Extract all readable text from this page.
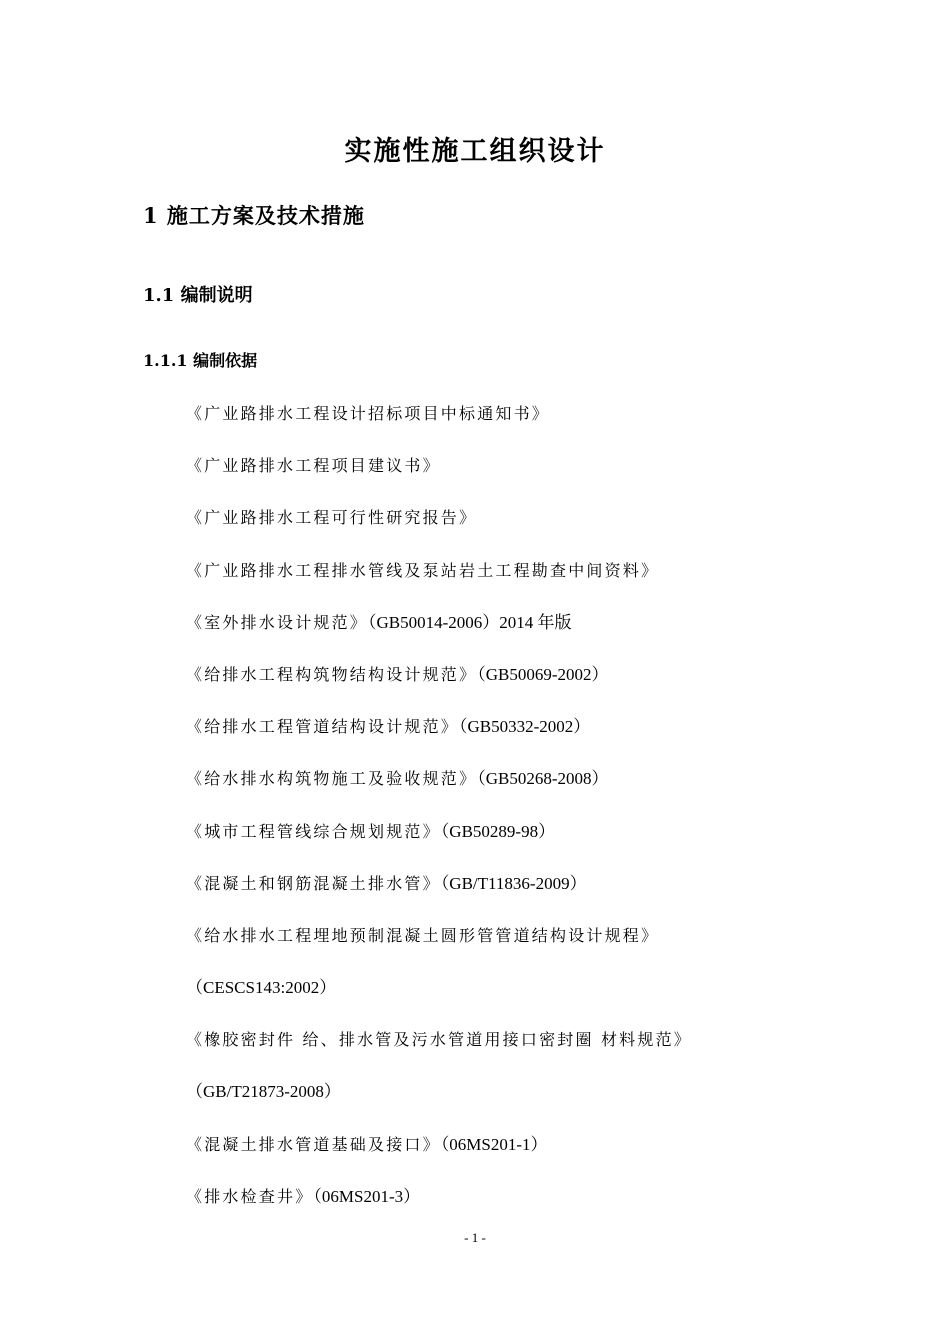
实施性施工组织设计
1 施工方案及技术措施
1.1 编制说明
1.1.1 编制依据
《广业路排水工程设计招标项目中标通知书》
《广业路排水工程项目建议书》
《广业路排水工程可行性研究报告》
《广业路排水工程排水管线及泵站岩土工程勘查中间资料》
《室外排水设计规范》（GB50014-2006）2014 年版
《给排水工程构筑物结构设计规范》（GB50069-2002）
《给排水工程管道结构设计规范》（GB50332-2002）
《给水排水构筑物施工及验收规范》（GB50268-2008）
《城市工程管线综合规划规范》（GB50289-98）
《混凝土和钢筋混凝土排水管》（GB/T11836-2009）
《给水排水工程埋地预制混凝土圆形管管道结构设计规程》
（CESCS143:2002）
《橡胶密封件 给、排水管及污水管道用接口密封圈 材料规范》
（GB/T21873-2008）
《混凝土排水管道基础及接口》（06MS201-1）
《排水检查井》（06MS201-3）
- 1 -
